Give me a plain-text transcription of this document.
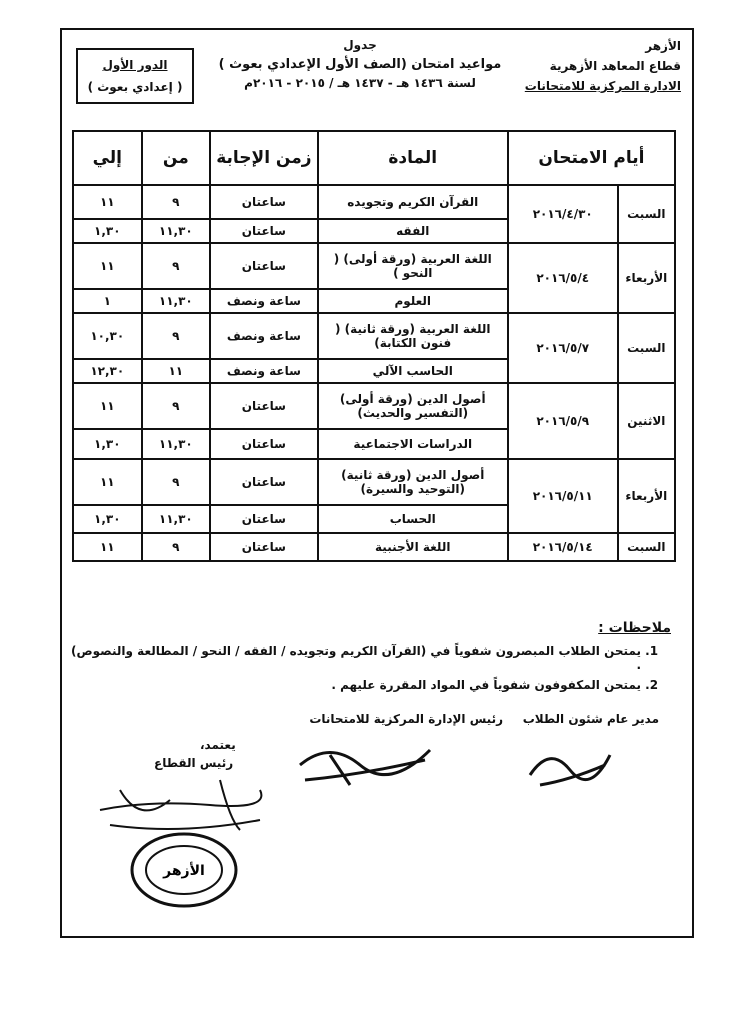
الأزهر
قطاع المعاهد الأزهرية
الادارة المركزية للامتحانات
جدول
مواعيد امتحان (الصف الأول الإعدادي بعوث )
لسنة ١٤٣٦ هـ - ١٤٣٧ هـ / ٢٠١٥ - ٢٠١٦م
الدور الأول
( إعدادي بعوث )
أيام الامتحان		المادة	زمن الإجابة	من	إلي
السبت	٢٠١٦/٤/٣٠	القرآن الكريم وتجويده	ساعتان	٩	١١
		الفقه	ساعتان	١١,٣٠	١,٣٠
الأربعاء	٢٠١٦/٥/٤	اللغة العربية (ورقة أولى) ( النحو )	ساعتان	٩	١١
		العلوم	ساعة ونصف	١١,٣٠	١
السبت	٢٠١٦/٥/٧	اللغة العربية (ورقة ثانية) ( فنون الكتابة)	ساعة ونصف	٩	١٠,٣٠
		الحاسب الآلي	ساعة ونصف	١١	١٢,٣٠
الاثنين	٢٠١٦/٥/٩	أصول الدين (ورقة أولى) (التفسير والحديث)	ساعتان	٩	١١
		الدراسات الاجتماعية	ساعتان	١١,٣٠	١,٣٠
الأربعاء	٢٠١٦/٥/١١	أصول الدين (ورقة ثانية) (التوحيد والسيرة)	ساعتان	٩	١١
		الحساب	ساعتان	١١,٣٠	١,٣٠
السبت	٢٠١٦/٥/١٤	اللغة الأجنبية	ساعتان	٩	١١
ملاحظات :
1. يمتحن الطلاب المبصرون شفوياً في (القرآن الكريم وتجويده / الفقه / النحو / المطالعة والنصوص) .
2. يمتحن المكفوفون شفوياً في المواد المقررة عليهم .
مدير عام شئون الطلاب
رئيس الإدارة المركزية للامتحانات
يعتمد،
رئيس القطاع
الأزهر
